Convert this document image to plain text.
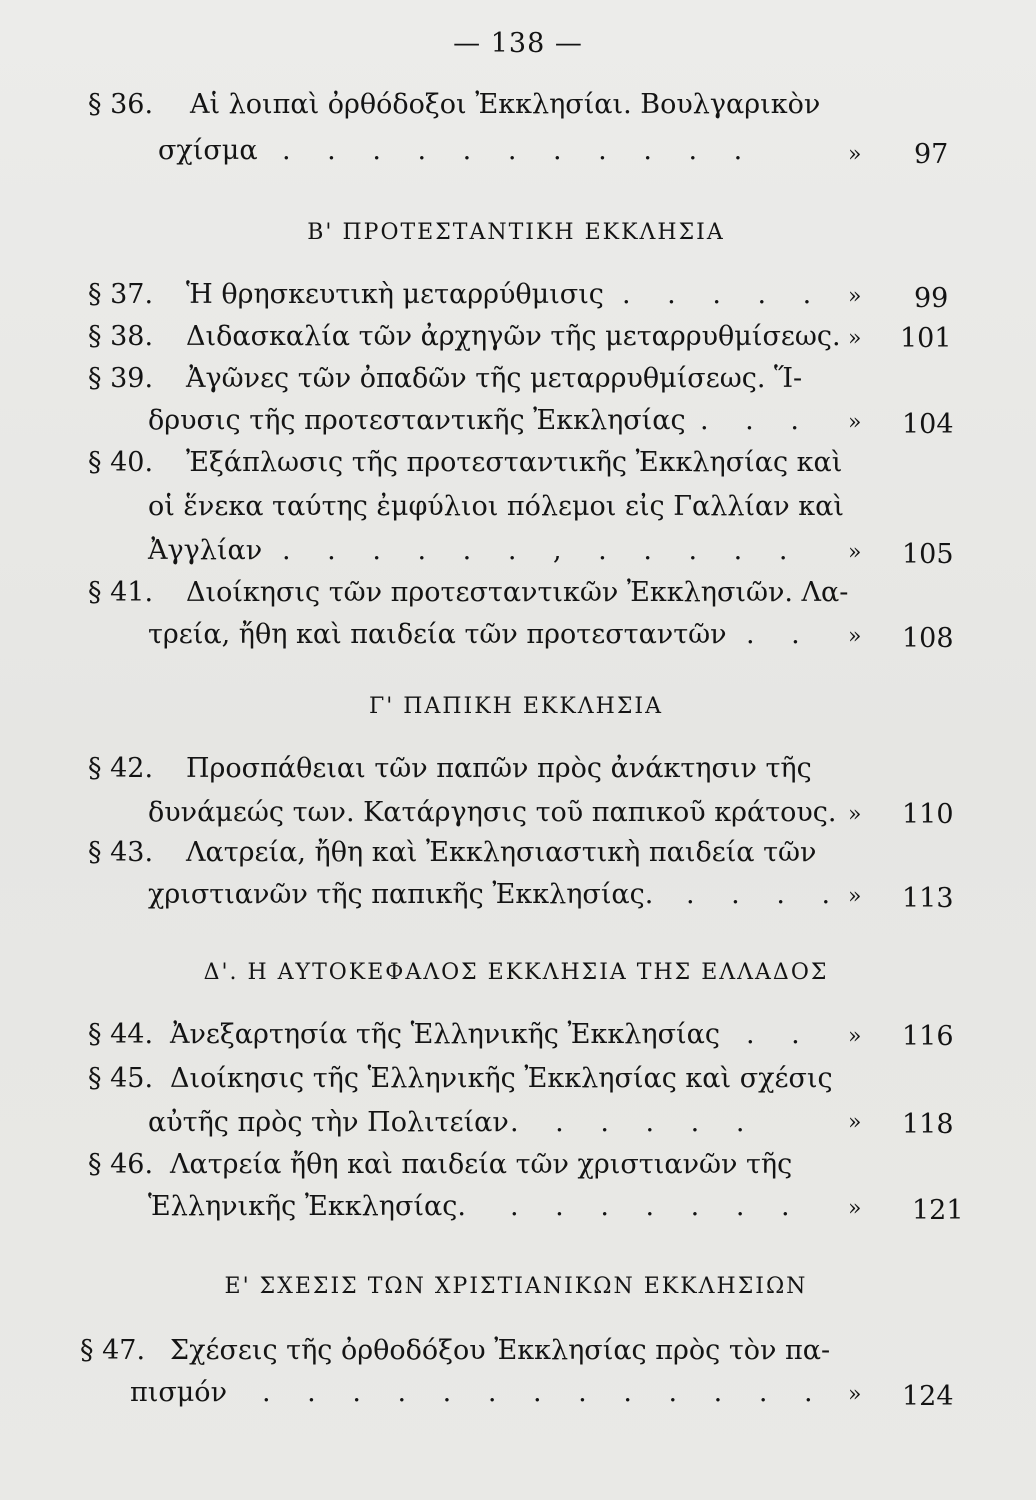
— 138 —
§ 36. Αἱ λοιπαὶ ὀρθόδοξοι Ἐκκλησίαι. Βουλγαρικὸν
σχίσμα . . . . . . . . . . .	» 97
Β' ΠΡΟΤΕΣΤΑΝΤΙΚΗ ΕΚΚΛΗΣΙΑ
§ 37. Ἡ θρησκευτικὴ μεταρρύθμισις . . . . . » 99
§ 38. Διδασκαλία τῶν ἀρχηγῶν τῆς μεταρρυθμίσεως. » 101
§ 39. Ἀγῶνες τῶν ὀπαδῶν τῆς μεταρρυθμίσεως. Ἵ-
δρυσις τῆς προτεσταντικῆς Ἐκκλησίας . . . » 104
§ 40. Ἐξάπλωσις τῆς προτεσταντικῆς Ἐκκλησίας καὶ
οἱ ἕνεκα ταύτης ἐμφύλιοι πόλεμοι εἰς Γαλλίαν καὶ
Ἀγγλίαν . . . . . . , . . . . . » 105
§ 41. Διοίκησις τῶν προτεσταντικῶν Ἐκκλησιῶν. Λα-
τρεία, ἤθη καὶ παιδεία τῶν προτεσταντῶν . . » 108
Γ' ΠΑΠΙΚΗ ΕΚΚΛΗΣΙΑ
§ 42. Προσπάθειαι τῶν παπῶν πρὸς ἀνάκτησιν τῆς
δυνάμεώς των. Κατάργησις τοῦ παπικοῦ κράτους. » 110
§ 43. Λατρεία, ἤθη καὶ Ἐκκλησιαστικὴ παιδεία τῶν
χριστιανῶν τῆς παπικῆς Ἐκκλησίας. . . . . » 113
Δ'. Η ΑΥΤΟΚΕΦΑΛΟΣ ΕΚΚΛΗΣΙΑ ΤΗΣ ΕΛΛΑΔΟΣ
§ 44. Ἀνεξαρτησία τῆς Ἑλληνικῆς Ἐκκλησίας . . » 116
§ 45. Διοίκησις τῆς Ἑλληνικῆς Ἐκκλησίας καὶ σχέσις
αὐτῆς πρὸς τὴν Πολιτείαν . . . . . .	» 118
§ 46. Λατρεία ἤθη καὶ παιδεία τῶν χριστιανῶν τῆς
Ἑλληνικῆς Ἐκκλησίας. . . . . . . . » 121
Ε' ΣΧΕΣΙΣ ΤΩΝ ΧΡΙΣΤΙΑΝΙΚΩΝ ΕΚΚΛΗΣΙΩΝ
§ 47. Σχέσεις τῆς ὀρθοδόξου Ἐκκλησίας πρὸς τὸν πα-
πισμόν . . . . . . . . . . . . . » 124
